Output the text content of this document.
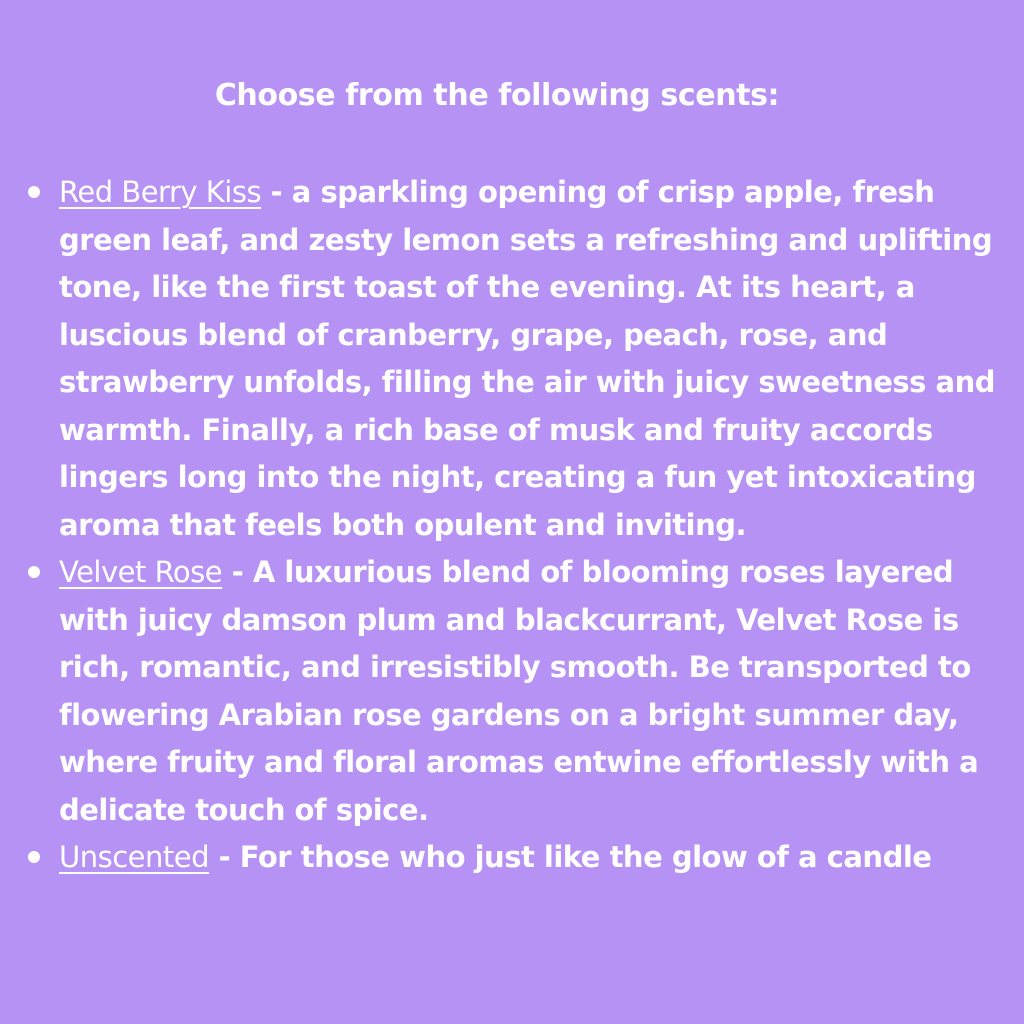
Choose from the following scents:
Red Berry Kiss - a sparkling opening of crisp apple, fresh green leaf, and zesty lemon sets a refreshing and uplifting tone, like the first toast of the evening. At its heart, a luscious blend of cranberry, grape, peach, rose, and strawberry unfolds, filling the air with juicy sweetness and warmth. Finally, a rich base of musk and fruity accords lingers long into the night, creating a fun yet intoxicating aroma that feels both opulent and inviting.
Velvet Rose - A luxurious blend of blooming roses layered with juicy damson plum and blackcurrant, Velvet Rose is rich, romantic, and irresistibly smooth. Be transported to flowering Arabian rose gardens on a bright summer day, where fruity and floral aromas entwine effortlessly with a delicate touch of spice.
Unscented - For those who just like the glow of a candle
